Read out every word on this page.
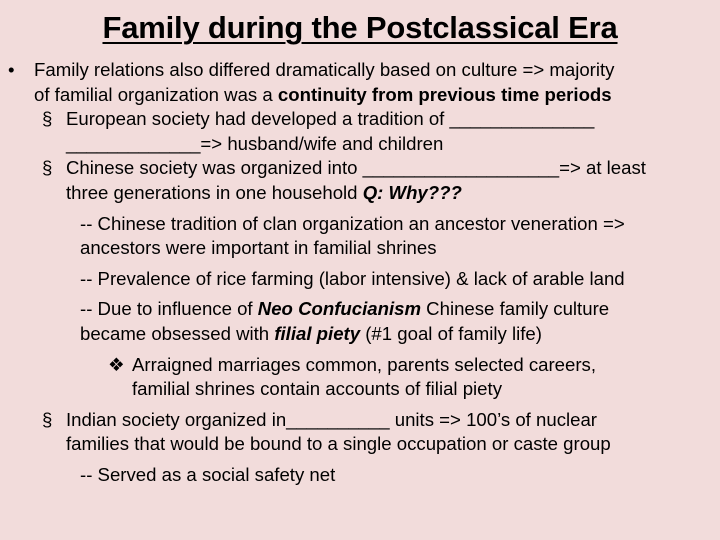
Family during the Postclassical Era
• Family relations also differed dramatically based on culture => majority
of familial organization was a continuity from previous time periods
§ European society had developed a tradition of ______________
_____________=> husband/wife and children
§ Chinese society was organized into ___________________=> at least
three generations in one household Q: Why???
-- Chinese tradition of clan organization an ancestor veneration =>
ancestors were important in familial shrines
-- Prevalence of rice farming (labor intensive) & lack of arable land
-- Due to influence of Neo Confucianism Chinese family culture
became obsessed with filial piety (#1 goal of family life)
❖ Arraigned marriages common, parents selected careers,
familial shrines contain accounts of filial piety
§ Indian society organized in__________ units => 100’s of nuclear
families that would be bound to a single occupation or caste group
-- Served as a social safety net
